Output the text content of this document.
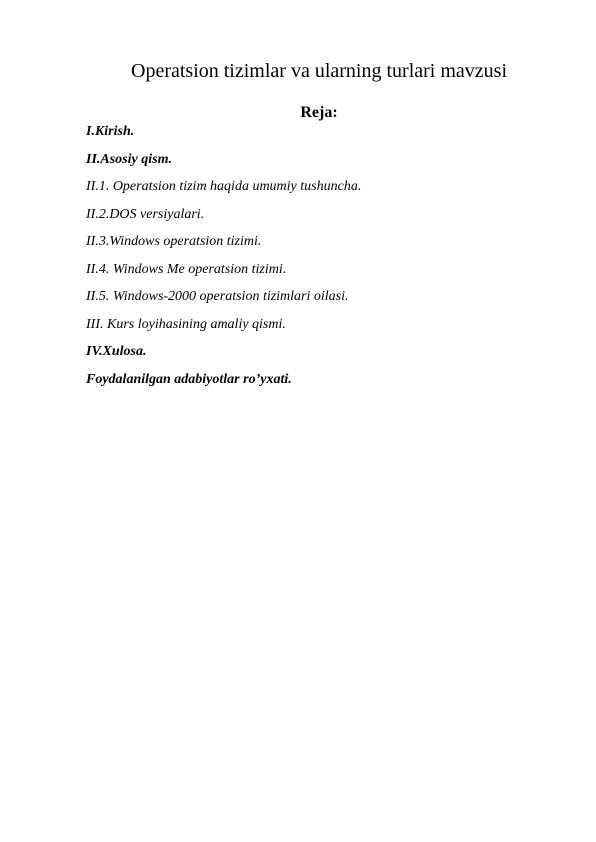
Operatsion tizimlar va ularning turlari mavzusi
Reja:
I.Kirish.
II.Asosiy qism.
II.1. Operatsion tizim haqida umumiy tushuncha.
II.2.DOS versiyalari.
II.3.Windows operatsion tizimi.
II.4. Windows Me operatsion tizimi.
II.5. Windows-2000 operatsion tizimlari oilasi.
III. Kurs loyihasining amaliy qismi.
IV.Xulosa.
Foydalanilgan adabiyotlar ro’yxati.
